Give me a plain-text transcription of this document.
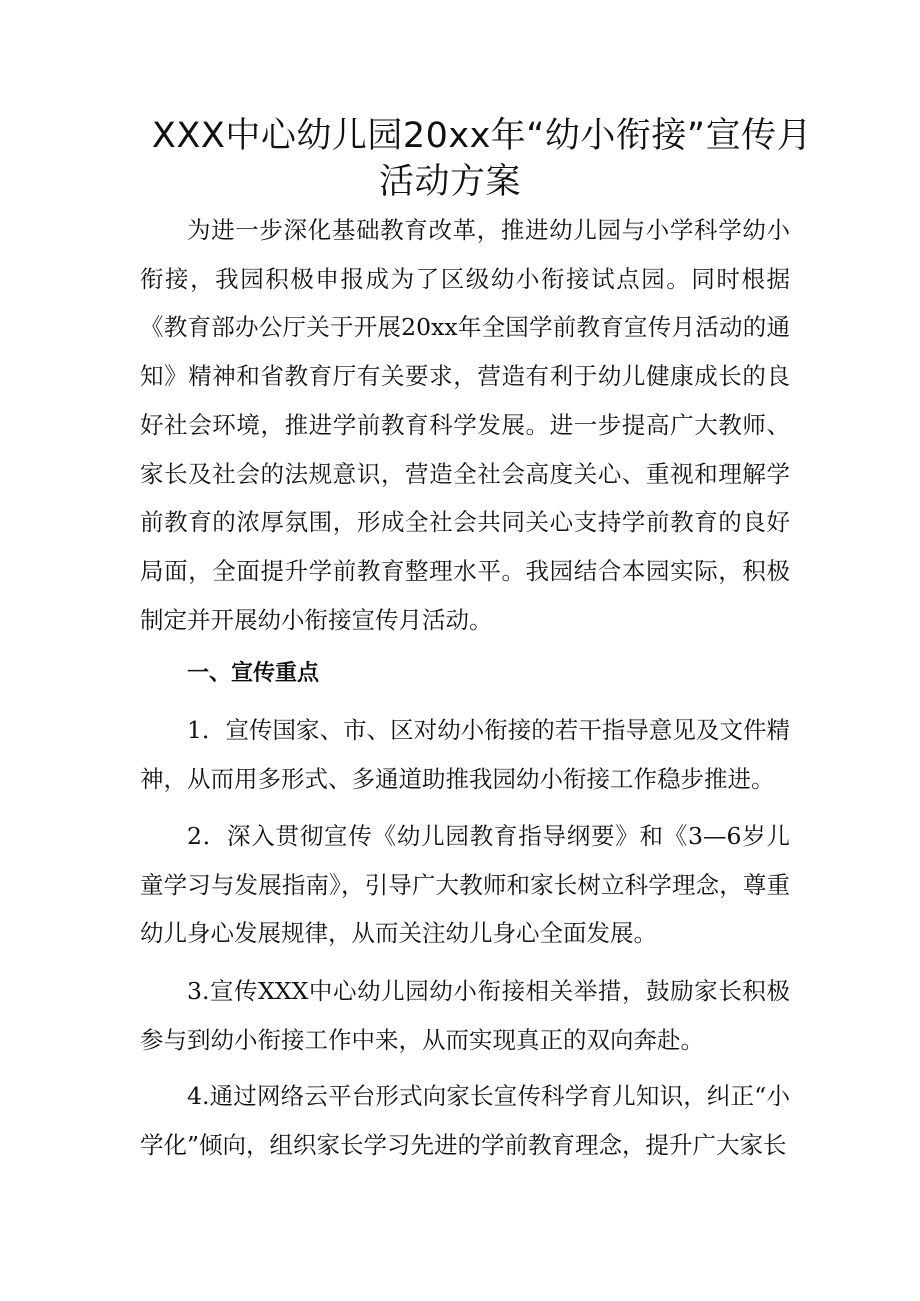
XXX中心幼儿园20xx年“幼小衔接”宣传月
活动方案

为进一步深化基础教育改革，推进幼儿园与小学科学幼小衔接，我园积极申报成为了区级幼小衔接试点园。同时根据《教育部办公厅关于开展20xx年全国学前教育宣传月活动的通知》精神和省教育厅有关要求，营造有利于幼儿健康成长的良好社会环境，推进学前教育科学发展。进一步提高广大教师、家长及社会的法规意识，营造全社会高度关心、重视和理解学前教育的浓厚氛围，形成全社会共同关心支持学前教育的良好局面，全面提升学前教育整理水平。我园结合本园实际，积极制定并开展幼小衔接宣传月活动。

一、宣传重点

1．宣传国家、市、区对幼小衔接的若干指导意见及文件精神，从而用多形式、多通道助推我园幼小衔接工作稳步推进。

2．深入贯彻宣传《幼儿园教育指导纲要》和《3—6岁儿童学习与发展指南》，引导广大教师和家长树立科学理念，尊重幼儿身心发展规律，从而关注幼儿身心全面发展。

3.宣传XXX中心幼儿园幼小衔接相关举措，鼓励家长积极参与到幼小衔接工作中来，从而实现真正的双向奔赴。

4.通过网络云平台形式向家长宣传科学育儿知识，纠正“小学化”倾向，组织家长学习先进的学前教育理念，提升广大家长
